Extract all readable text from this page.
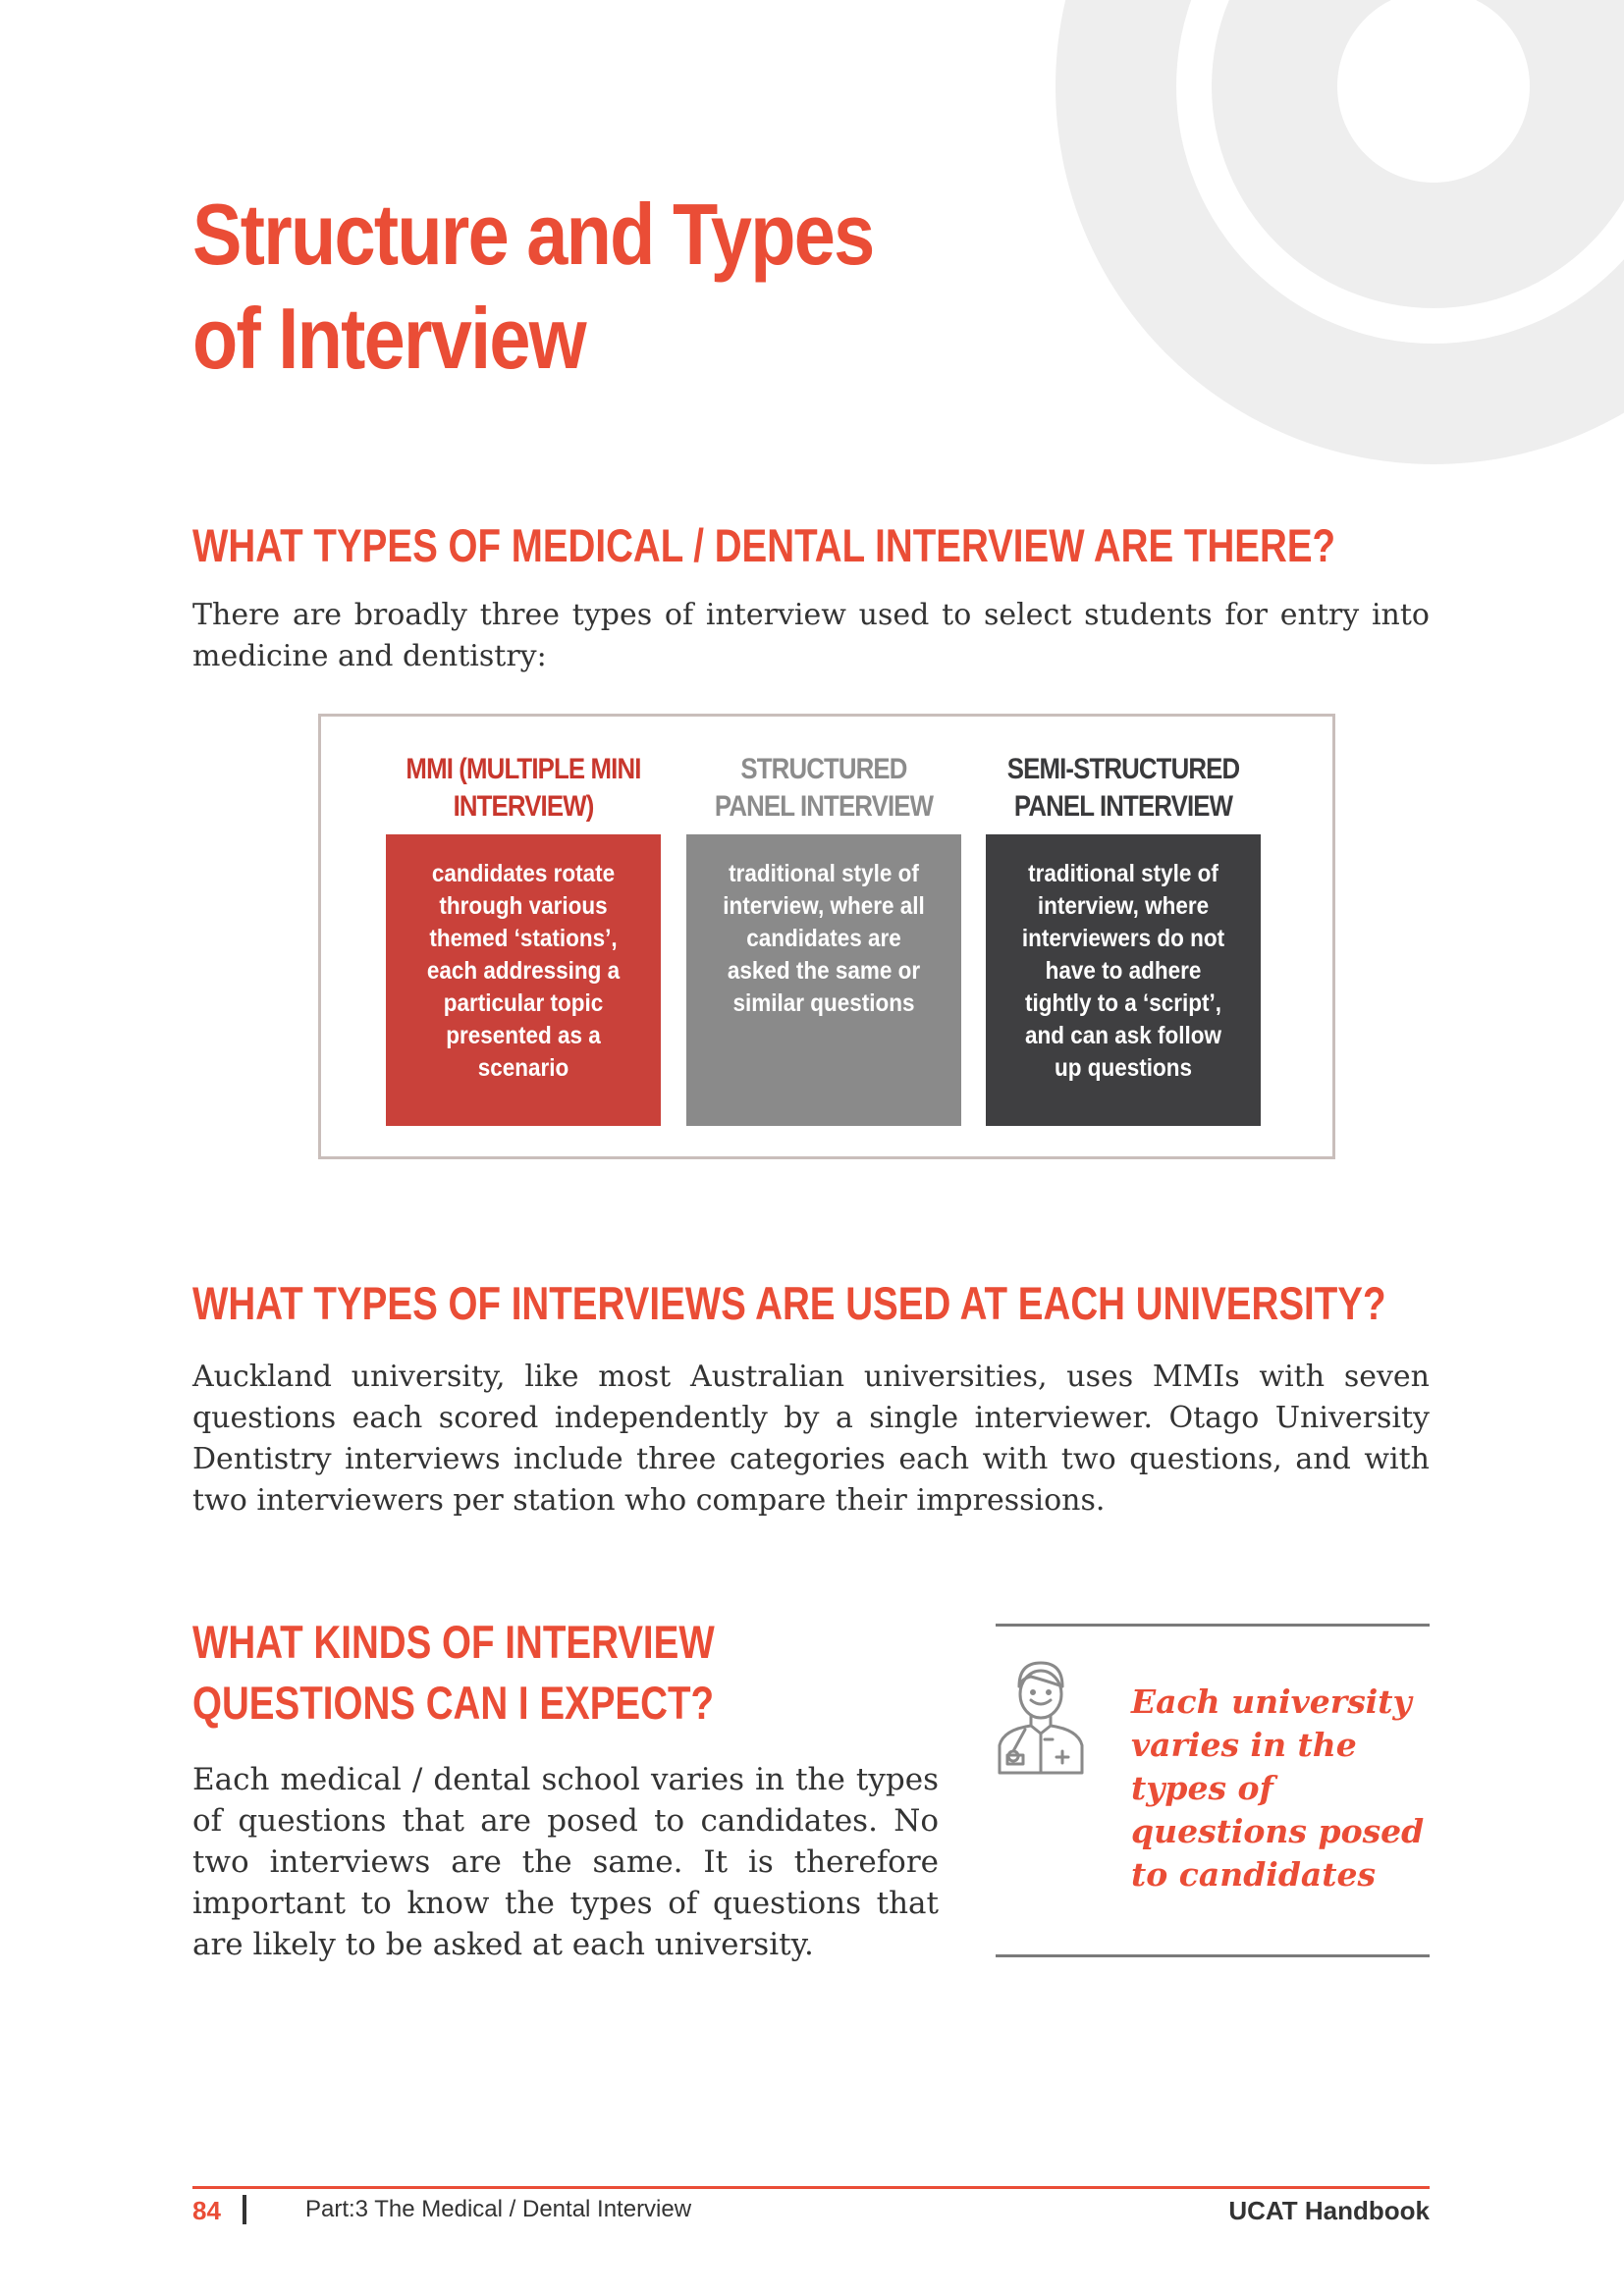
Structure and Types of Interview
WHAT TYPES OF MEDICAL / DENTAL INTERVIEW ARE THERE?
There are broadly three types of interview used to select students for entry into medicine and dentistry:
MMI (MULTIPLE MINI INTERVIEW)
STRUCTURED PANEL INTERVIEW
SEMI-STRUCTURED PANEL INTERVIEW
candidates rotate through various themed ‘stations’, each addressing a particular topic presented as a scenario
traditional style of interview, where all candidates are asked the same or similar questions
traditional style of interview, where interviewers do not have to adhere tightly to a ‘script’, and can ask follow up questions
WHAT TYPES OF INTERVIEWS ARE USED AT EACH UNIVERSITY?
Auckland university, like most Australian universities, uses MMIs with seven questions each scored independently by a single interviewer. Otago University Dentistry interviews include three categories each with two questions, and with two interviewers per station who compare their impressions.
WHAT KINDS OF INTERVIEW
QUESTIONS CAN I EXPECT?
Each medical / dental school varies in the types of questions that are posed to candidates. No two interviews are the same. It is therefore important to know the types of questions that are likely to be asked at each university.
Each university varies in the types of questions posed to candidates
84	Part:3 The Medical / Dental Interview	UCAT Handbook
